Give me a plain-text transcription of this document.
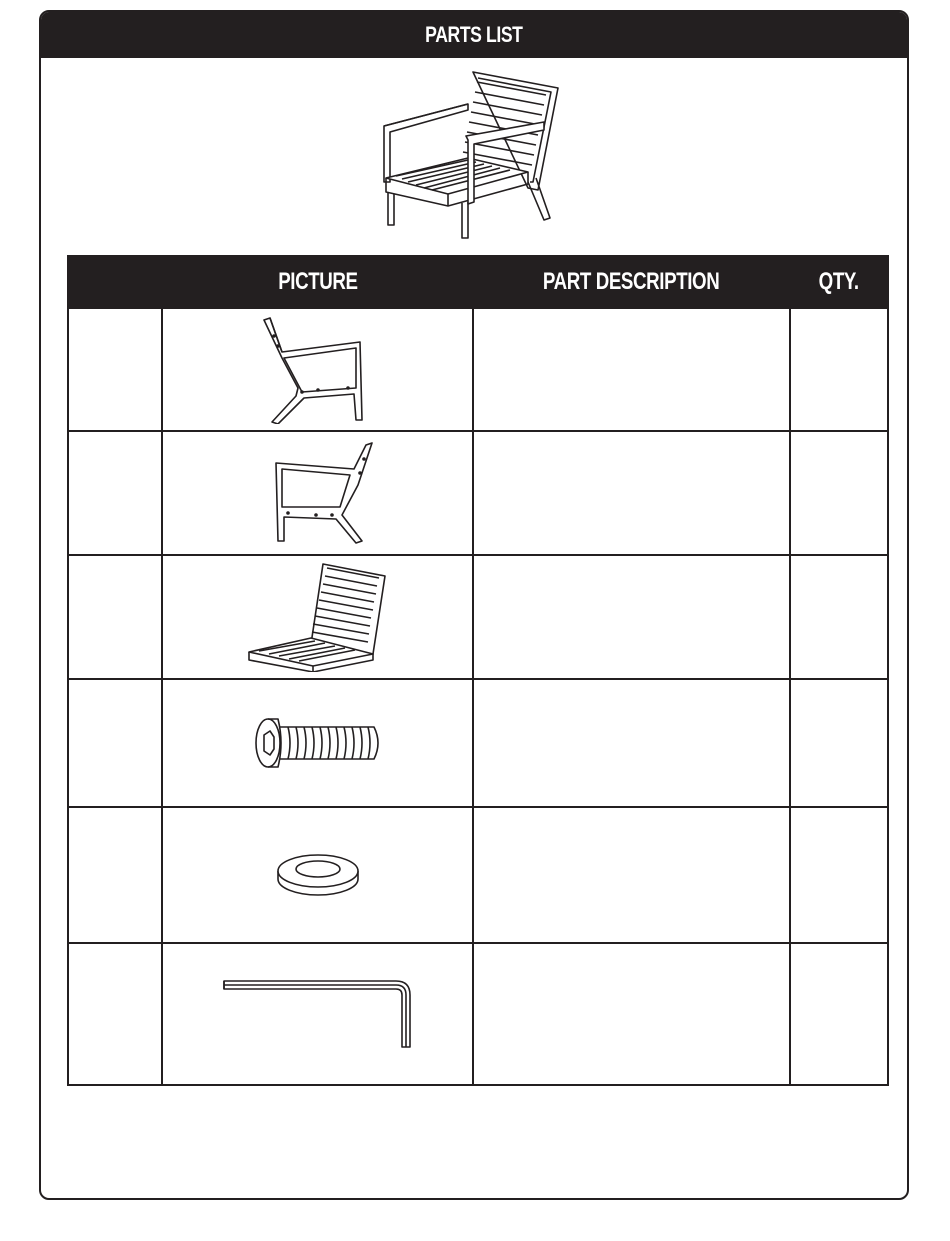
PARTS LIST
	PICTURE	PART DESCRIPTION	QTY.
